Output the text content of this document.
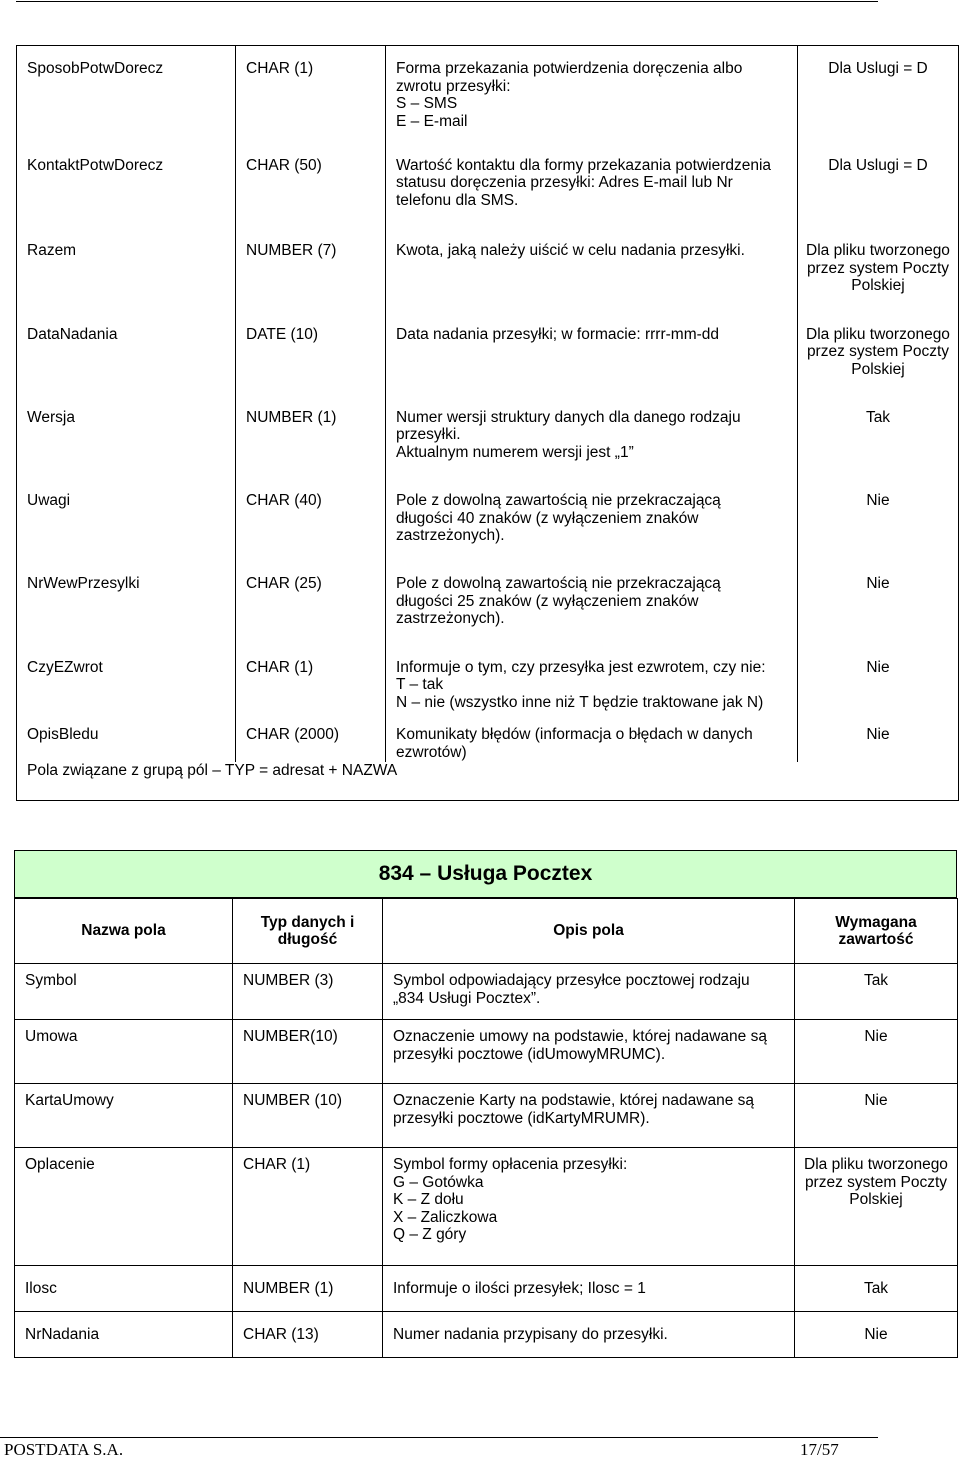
SposobPotwDorecz	CHAR (1)	Forma przekazania potwierdzenia doręczenia albo
zwrotu przesyłki:
S – SMS
E – E-mail	Dla Uslugi = D

KontaktPotwDorecz	CHAR (50)	Wartość kontaktu dla formy przekazania potwierdzenia
statusu doręczenia przesyłki: Adres E-mail lub Nr
telefonu dla SMS.	Dla Uslugi = D

Razem	NUMBER (7)	Kwota, jaką należy uiścić w celu nadania przesyłki.	Dla pliku tworzonego
przez system Poczty
Polskiej

DataNadania	DATE (10)	Data nadania przesyłki; w formacie: rrrr-mm-dd	Dla pliku tworzonego
przez system Poczty
Polskiej

Wersja	NUMBER (1)	Numer wersji struktury danych dla danego rodzaju
przesyłki.
Aktualnym numerem wersji jest „1”	Tak

Uwagi	CHAR (40)	Pole z dowolną zawartością nie przekraczającą
długości 40 znaków (z wyłączeniem znaków
zastrzeżonych).	Nie

NrWewPrzesylki	CHAR (25)	Pole z dowolną zawartością nie przekraczającą
długości 25 znaków (z wyłączeniem znaków
zastrzeżonych).	Nie

CzyEZwrot	CHAR (1)	Informuje o tym, czy przesyłka jest ezwrotem, czy nie:
T – tak
N – nie (wszystko inne niż T będzie traktowane jak N)	Nie

OpisBledu	CHAR (2000)	Komunikaty błędów (informacja o błędach w danych
ezwrotów)	Nie

Pola związane z grupą pól – TYP = adresat + NAZWA			
834 – Usługa Pocztex
Nazwa pola	Typ danych i
długość	Opis pola	Wymagana
zawartość

Symbol	NUMBER (3)	Symbol odpowiadający przesyłce pocztowej rodzaju
„834 Usługi Pocztex”.	Tak

Umowa	NUMBER(10)	Oznaczenie umowy na podstawie, której nadawane są
przesyłki pocztowe (idUmowyMRUMC).	Nie

KartaUmowy	NUMBER (10)	Oznaczenie Karty na podstawie, której nadawane są
przesyłki pocztowe (idKartyMRUMR).	Nie

Oplacenie	CHAR (1)	Symbol formy opłacenia przesyłki:
G – Gotówka
K – Z dołu
X – Zaliczkowa
Q – Z góry	Dla pliku tworzonego
przez system Poczty
Polskiej

Ilosc	NUMBER (1)	Informuje o ilości przesyłek; Ilosc = 1	Tak

NrNadania	CHAR (13)	Numer nadania przypisany do przesyłki.	Nie
POSTDATA S.A.	17/57
